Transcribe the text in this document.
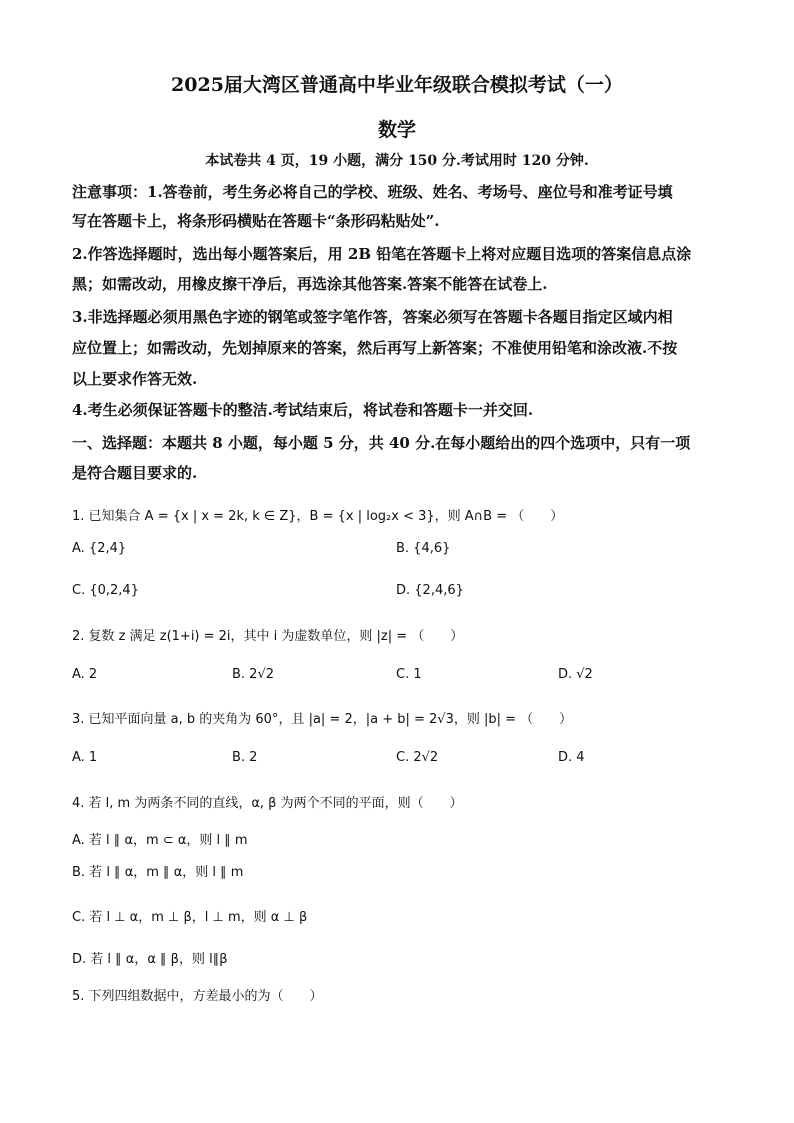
2025届大湾区普通高中毕业年级联合模拟考试（一）
数学
本试卷共 4 页，19 小题，满分 150 分.考试用时 120 分钟.
注意事项：1.答卷前，考生务必将自己的学校、班级、姓名、考场号、座位号和准考证号填
写在答题卡上，将条形码横贴在答题卡“条形码粘贴处”.
2.作答选择题时，选出每小题答案后，用 2B 铅笔在答题卡上将对应题目选项的答案信息点涂
黑；如需改动，用橡皮擦干净后，再选涂其他答案.答案不能答在试卷上.
3.非选择题必须用黑色字迹的钢笔或签字笔作答，答案必须写在答题卡各题目指定区域内相
应位置上；如需改动，先划掉原来的答案，然后再写上新答案；不准使用铅笔和涂改液.不按
以上要求作答无效.
4.考生必须保证答题卡的整洁.考试结束后，将试卷和答题卡一并交回.
一、选择题：本题共 8 小题，每小题 5 分，共 40 分.在每小题给出的四个选项中，只有一项
是符合题目要求的.
1. 已知集合 A = {x | x = 2k, k ∈ Z}，B = {x | log₂x < 3}，则 A∩B = （　　）
A. {2,4}	B. {4,6}
C. {0,2,4}	D. {2,4,6}
2. 复数 z 满足 z(1+i) = 2i，其中 i 为虚数单位，则 |z| = （　　）
A. 2	B. 2√2	C. 1	D. √2
3. 已知平面向量 a, b 的夹角为 60°，且 |a| = 2，|a + b| = 2√3，则 |b| = （　　）
A. 1	B. 2	C. 2√2	D. 4
4. 若 l, m 为两条不同的直线，α, β 为两个不同的平面，则（　　）
A. 若 l ∥ α，m ⊂ α，则 l ∥ m
B. 若 l ∥ α，m ∥ α，则 l ∥ m
C. 若 l ⊥ α，m ⊥ β，l ⊥ m，则 α ⊥ β
D. 若 l ∥ α，α ∥ β，则 l∥β
5. 下列四组数据中，方差最小的为（　　）
